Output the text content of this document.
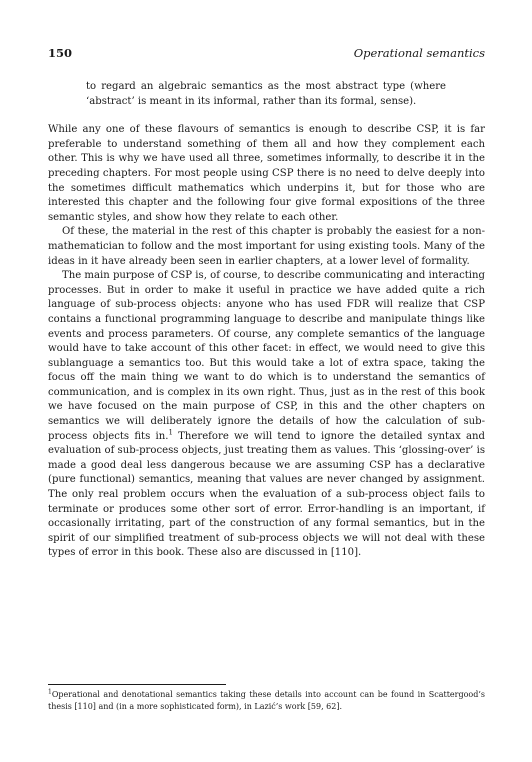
150	Operational semantics

to regard an algebraic semantics as the most abstract type (where ‘abstract’ is meant in its informal, rather than its formal, sense).

While any one of these flavours of semantics is enough to describe CSP, it is far preferable to understand something of them all and how they complement each other. This is why we have used all three, sometimes informally, to describe it in the preceding chapters. For most people using CSP there is no need to delve deeply into the sometimes difficult mathematics which underpins it, but for those who are interested this chapter and the following four give formal expositions of the three semantic styles, and show how they relate to each other.

Of these, the material in the rest of this chapter is probably the easiest for a non-mathematician to follow and the most important for using existing tools. Many of the ideas in it have already been seen in earlier chapters, at a lower level of formality.

The main purpose of CSP is, of course, to describe communicating and interacting processes. But in order to make it useful in practice we have added quite a rich language of sub-process objects: anyone who has used FDR will realize that CSP contains a functional programming language to describe and manipulate things like events and process parameters. Of course, any complete semantics of the language would have to take account of this other facet: in effect, we would need to give this sublanguage a semantics too. But this would take a lot of extra space, taking the focus off the main thing we want to do which is to understand the semantics of communication, and is complex in its own right. Thus, just as in the rest of this book we have focused on the main purpose of CSP, in this and the other chapters on semantics we will deliberately ignore the details of how the calculation of sub-process objects fits in.$^1$ Therefore we will tend to ignore the detailed syntax and evaluation of sub-process objects, just treating them as values. This ‘glossing-over’ is made a good deal less dangerous because we are assuming CSP has a declarative (pure functional) semantics, meaning that values are never changed by assignment. The only real problem occurs when the evaluation of a sub-process object fails to terminate or produces some other sort of error. Error-handling is an important, if occasionally irritating, part of the construction of any formal semantics, but in the spirit of our simplified treatment of sub-process objects we will not deal with these types of error in this book. These also are discussed in [110].

$^1$Operational and denotational semantics taking these details into account can be found in Scattergood’s thesis [110] and (in a more sophisticated form), in Lazić’s work [59, 62].
